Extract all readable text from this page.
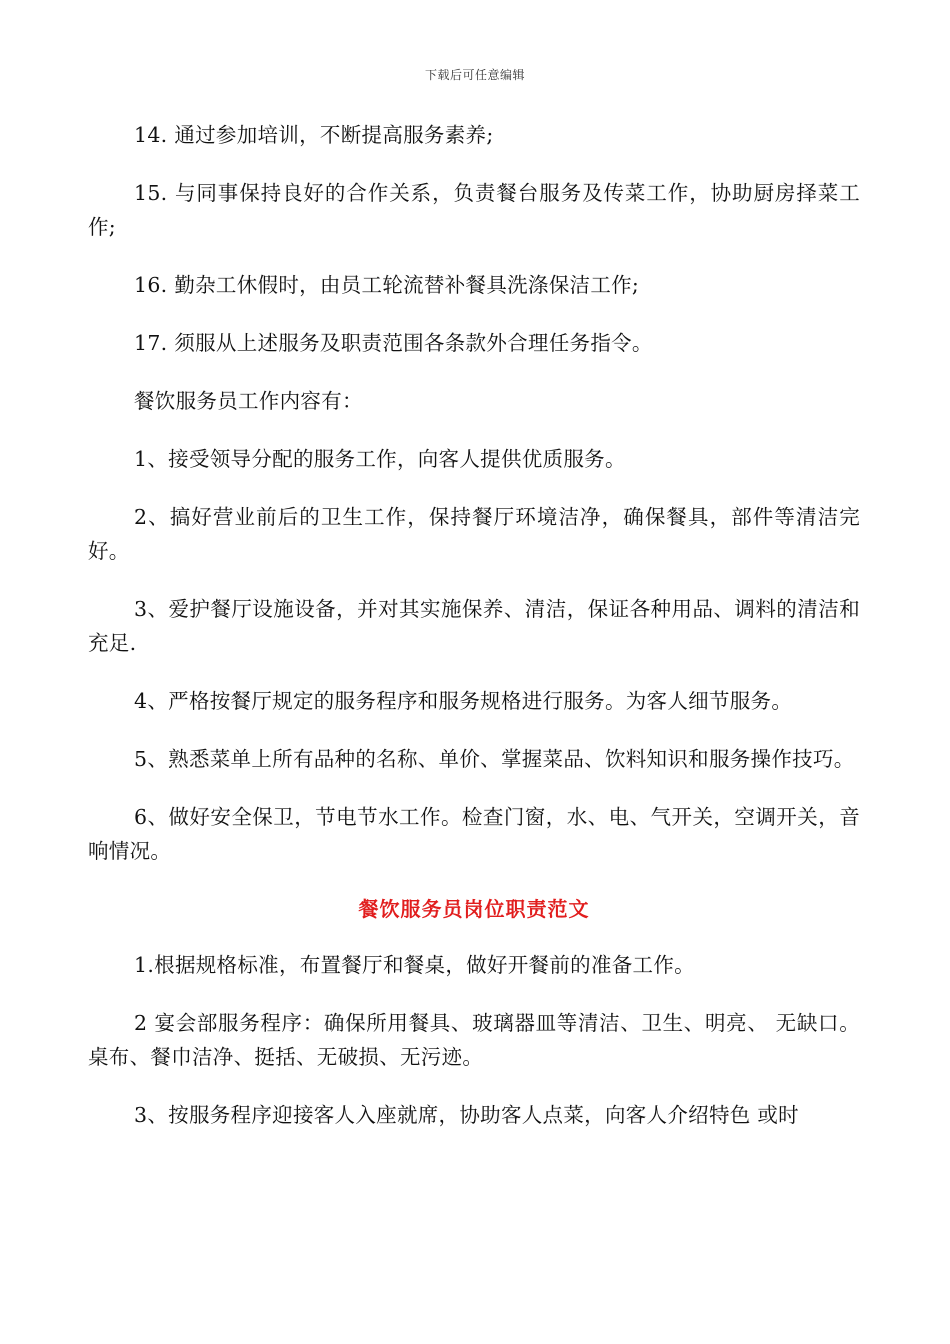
下载后可任意编辑

14. 通过参加培训，不断提高服务素养;

15. 与同事保持良好的合作关系，负责餐台服务及传菜工作，协助厨房择菜工作;

16. 勤杂工休假时，由员工轮流替补餐具洗涤保洁工作;

17. 须服从上述服务及职责范围各条款外合理任务指令。

餐饮服务员工作内容有：

1、接受领导分配的服务工作，向客人提供优质服务。

2、搞好营业前后的卫生工作，保持餐厅环境洁净，确保餐具，部件等清洁完好。

3、爱护餐厅设施设备，并对其实施保养、清洁，保证各种用品、调料的清洁和充足.

4、严格按餐厅规定的服务程序和服务规格进行服务。为客人细节服务。

5、熟悉菜单上所有品种的名称、单价、掌握菜品、饮料知识和服务操作技巧。

6、做好安全保卫，节电节水工作。检查门窗，水、电、气开关，空调开关，音响情况。

餐饮服务员岗位职责范文

1.根据规格标准，布置餐厅和餐桌，做好开餐前的准备工作。

2 宴会部服务程序：确保所用餐具、玻璃器皿等清洁、卫生、明亮、 无缺口。桌布、餐巾洁净、挺括、无破损、无污迹。

3、按服务程序迎接客人入座就席，协助客人点菜，向客人介绍特色 或时
